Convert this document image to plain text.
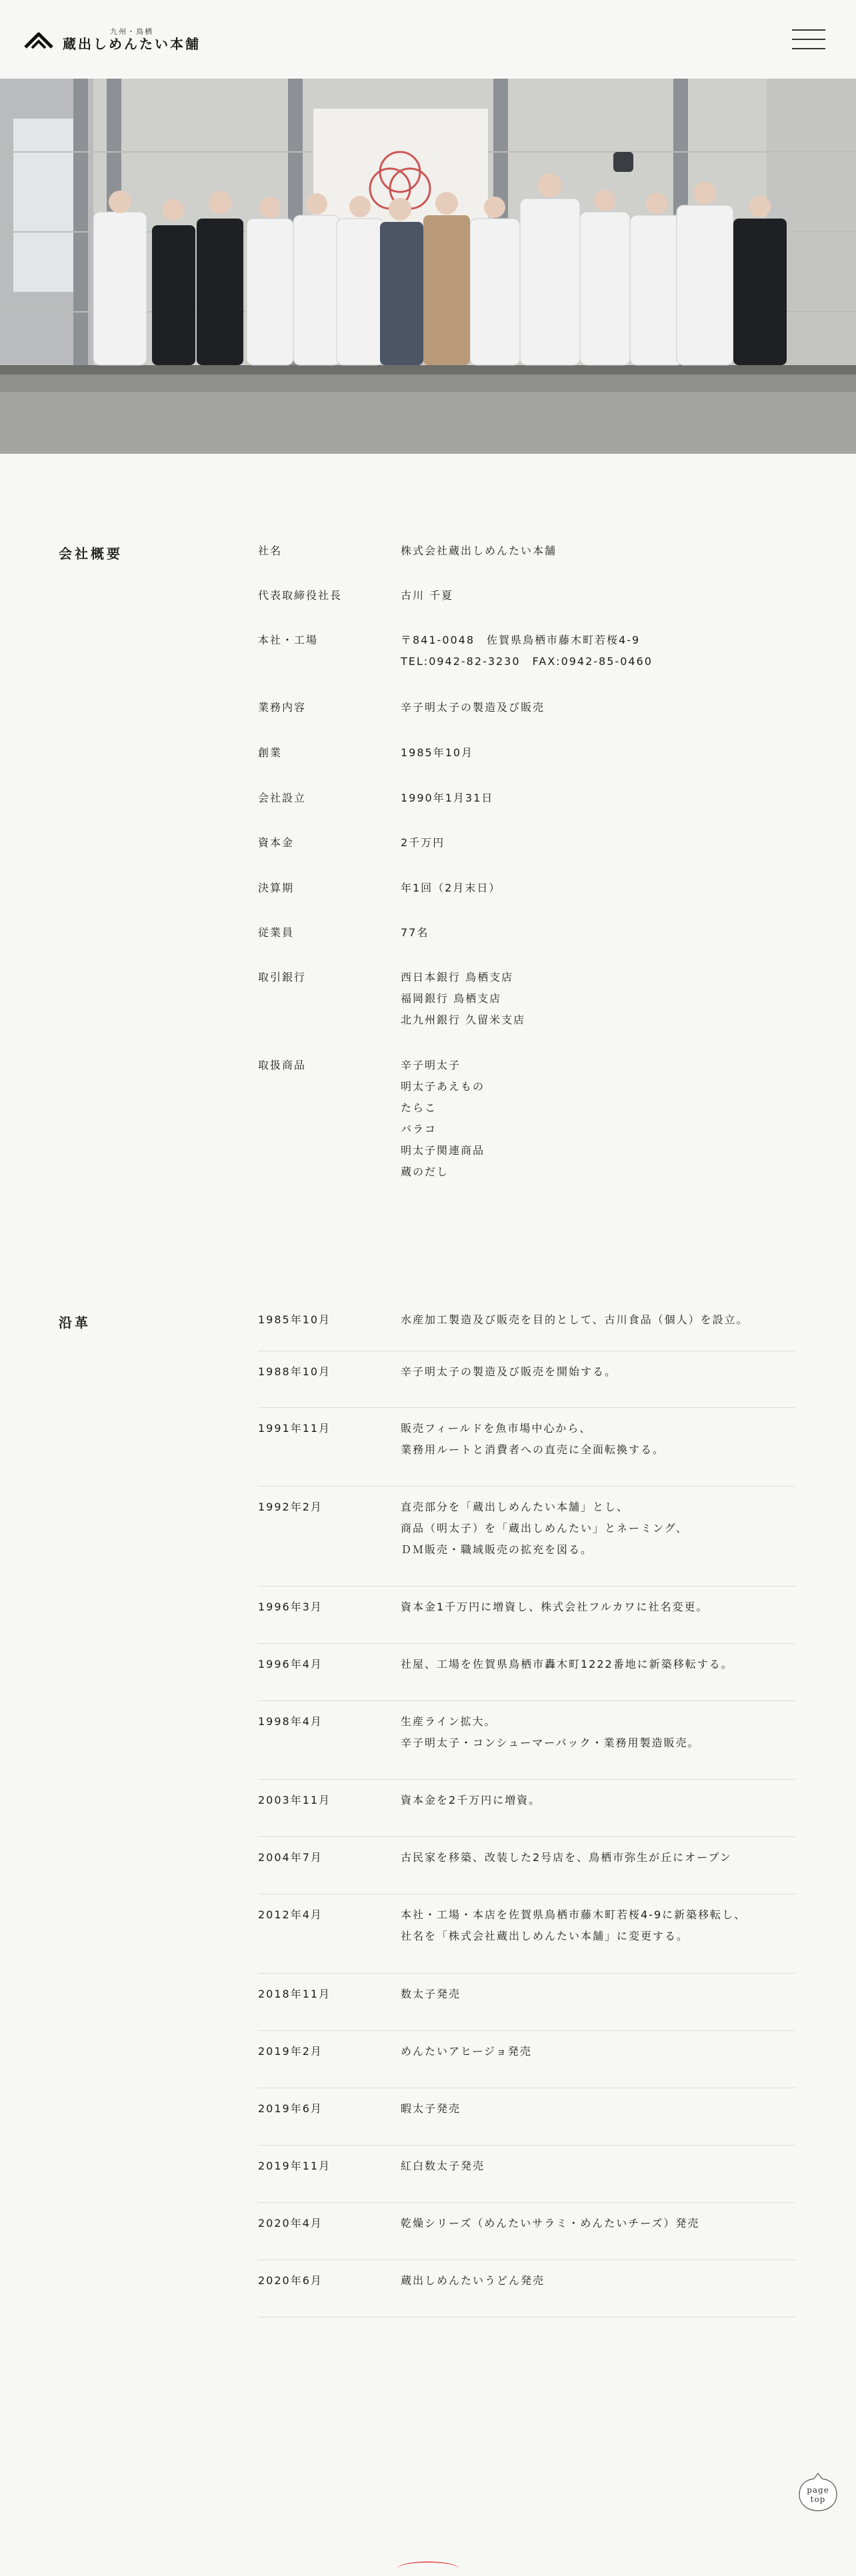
九州・鳥栖
蔵出しめんたい本舗
会社概要	社名	株式会社蔵出しめんたい本舗
代表取締役社長	古川 千夏
本社・工場	〒841-0048　佐賀県鳥栖市藤木町若桜4-9
TEL:0942-82-3230　FAX:0942-85-0460
業務内容	辛子明太子の製造及び販売
創業	1985年10月
会社設立	1990年1月31日
資本金	2千万円
決算期	年1回（2月末日）
従業員	77名
取引銀行	西日本銀行 鳥栖支店
福岡銀行 鳥栖支店
北九州銀行 久留米支店
取扱商品	辛子明太子
明太子あえもの
たらこ
バラコ
明太子関連商品
蔵のだし
沿革	1985年10月	水産加工製造及び販売を目的として、古川食品（個人）を設立。
1988年10月	辛子明太子の製造及び販売を開始する。
1991年11月	販売フィールドを魚市場中心から、
業務用ルートと消費者への直売に全面転換する。
1992年2月	直売部分を「蔵出しめんたい本舗」とし、
商品（明太子）を「蔵出しめんたい」とネーミング、
ＤＭ販売・職域販売の拡充を図る。
1996年3月	資本金1千万円に増資し、株式会社フルカワに社名変更。
1996年4月	社屋、工場を佐賀県鳥栖市轟木町1222番地に新築移転する。
1998年4月	生産ライン拡大。
辛子明太子・コンシューマーパック・業務用製造販売。
2003年11月	資本金を2千万円に増資。
2004年7月	古民家を移築、改装した2号店を、鳥栖市弥生が丘にオープン
2012年4月	本社・工場・本店を佐賀県鳥栖市藤木町若桜4-9に新築移転し、
社名を「株式会社蔵出しめんたい本舗」に変更する。
2018年11月	数太子発売
2019年2月	めんたいアヒージョ発売
2019年6月	暇太子発売
2019年11月	紅白数太子発売
2020年4月	乾燥シリーズ（めんたいサラミ・めんたいチーズ）発売
2020年6月	蔵出しめんたいうどん発売
page
top
